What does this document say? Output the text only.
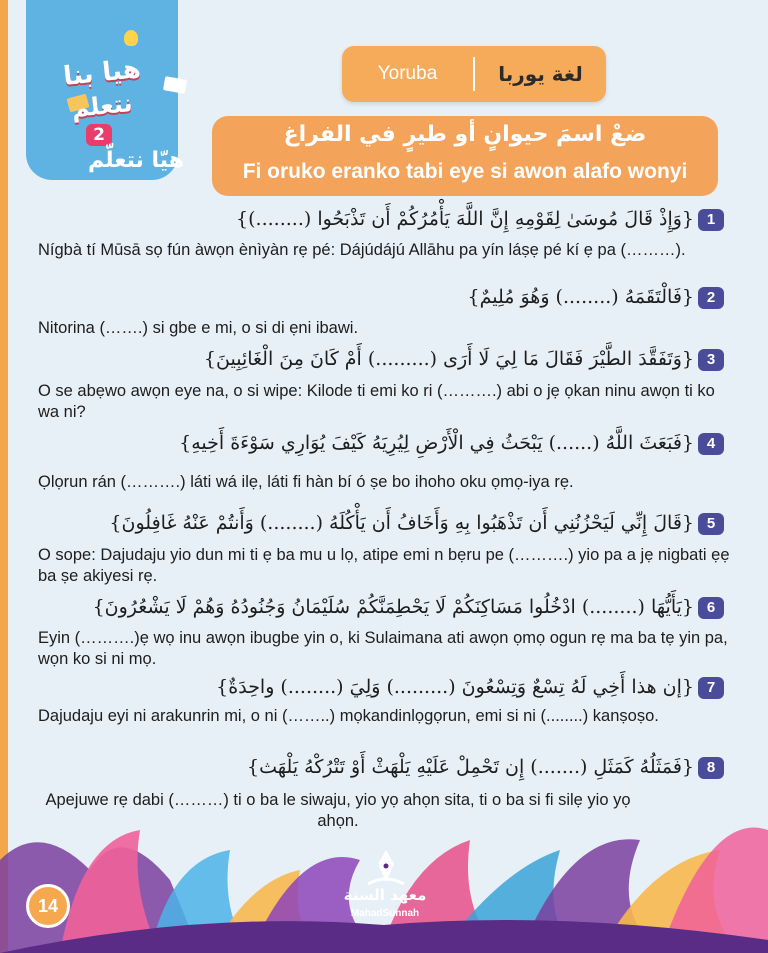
هيا بنا
نتعلم
2
هيّا نتعلّم
Yoruba	لغة يوربا
ضعْ اسمَ حيوانٍ أو طيرٍ في الفراغ
Fi oruko eranko tabi eye si awon alafo wonyi
1{وَإِذْ قَالَ مُوسَىٰ لِقَوْمِهِ إِنَّ اللَّهَ يَأْمُرُكُمْ أَن تَذْبَحُوا (........)}
Nígbà tí Mūsā sọ fún àwọn ènìyàn rẹ pé: Dájúdájú Allāhu pa yín láṣẹ pé kí ẹ pa (………).
2{فَالْتَقَمَهُ (........) وَهُوَ مُلِيمٌ}
Nitorina (…….) si gbe e mi, o si di ẹni ibawi.
3{وَتَفَقَّدَ الطَّيْرَ فَقَالَ مَا لِيَ لَا أَرَى (.........) أَمْ كَانَ مِنَ الْغَائِبِينَ}
O se abẹwo awọn eye na, o si wipe: Kilode ti emi ko ri (……….) abi o jẹ ọkan ninu awọn ti ko wa ni?
4{فَبَعَثَ اللَّهُ (......) يَبْحَثُ فِي الْأَرْضِ لِيُرِيَهُ كَيْفَ يُوَارِي سَوْءَةَ أَخِيهِ}
Ọlọrun rán (……….) láti wá ilẹ, láti fi hàn bí ó ṣe bo ihoho oku ọmọ-iya rẹ.
5{قَالَ إِنِّي لَيَحْزُنُنِي أَن تَذْهَبُوا بِهِ وَأَخَافُ أَن يَأْكُلَهُ (........) وَأَنتُمْ عَنْهُ غَافِلُونَ}
O sope: Dajudaju yio dun mi ti ẹ ba mu u lọ, atipe emi n bẹru pe (……….) yio pa a jẹ nigbati ẹẹ ba ṣe akiyesi rẹ.
6{يَأَيُّهَا (........) ادْخُلُوا مَسَاكِنَكُمْ لَا يَحْطِمَنَّكُمْ سُلَيْمَانُ وَجُنُودُهُ وَهُمْ لَا يَشْعُرُونَ}
Eyin (……….)ẹ wọ inu awọn ibugbe yin o, ki Sulaimana ati awọn ọmọ ogun rẹ ma ba tẹ yin pa, wọn ko si ni mọ.
7{إن هذا أَخِي لَهُ تِسْعٌ وَتِسْعُونَ (.........) وَلِيَ (........) واحِدَةٌ}
Dajudaju eyi ni arakunrin mi, o ni (……..) mọkandinlọgọrun, emi si ni (........) kanṣoṣo.
8{فَمَثَلُهُ كَمَثَلِ (.......) إِن تَحْمِلْ عَلَيْهِ يَلْهَثْ أَوْ تَتْرُكْهُ يَلْهَث}
Apejuwe rẹ dabi (………) ti o ba le siwaju, yio yọ ahọn sita, ti o ba si fi silẹ yio yọ ahọn.
14
معهد السنة
MahadSunnah
